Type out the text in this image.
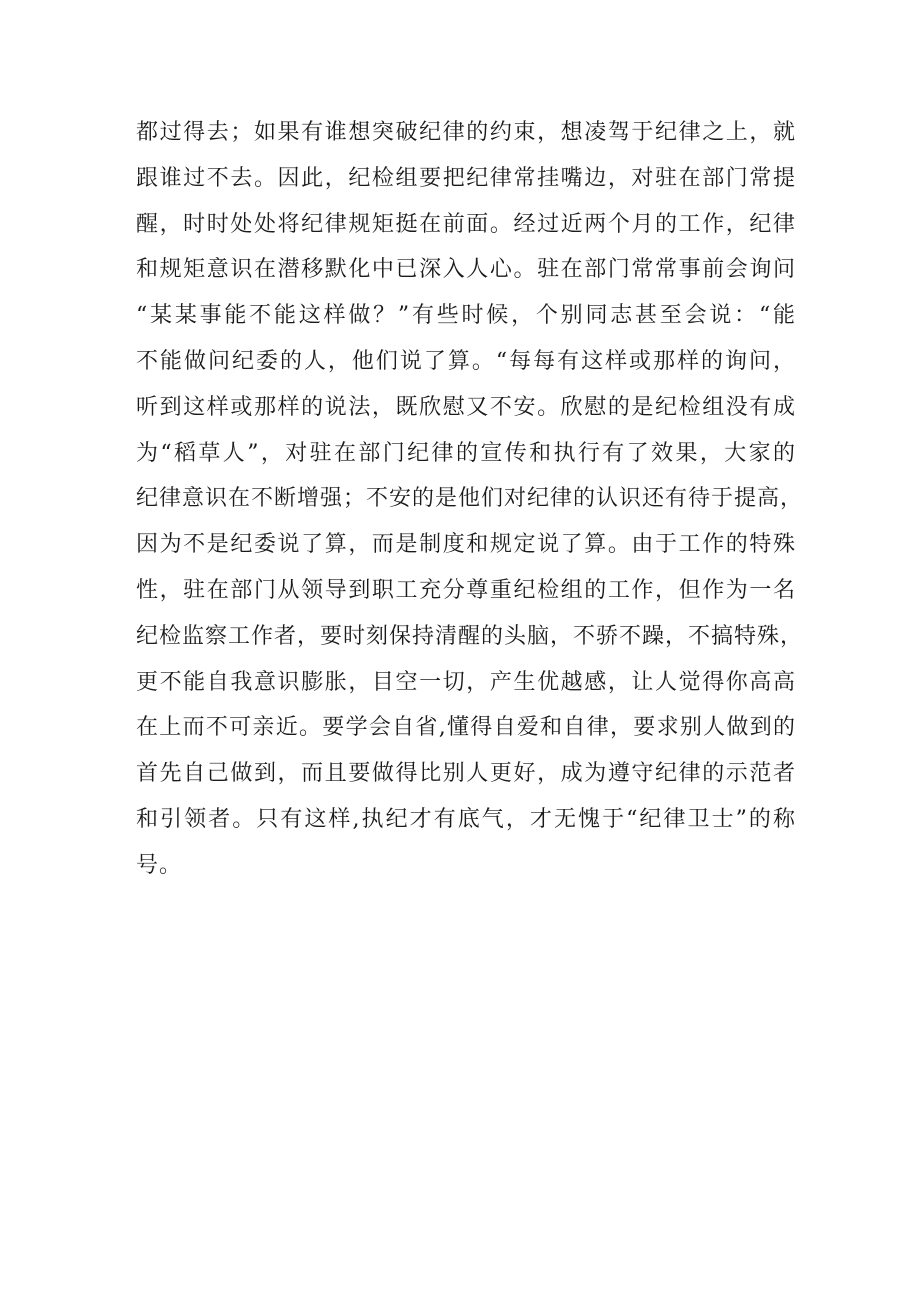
都过得去；如果有谁想突破纪律的约束，想凌驾于纪律之上，就
跟谁过不去。因此，纪检组要把纪律常挂嘴边，对驻在部门常提
醒，时时处处将纪律规矩挺在前面。经过近两个月的工作，纪律
和规矩意识在潜移默化中已深入人心。驻在部门常常事前会询问
“某某事能不能这样做？”有些时候，个别同志甚至会说：“能
不能做问纪委的人，他们说了算。“每每有这样或那样的询问，
听到这样或那样的说法，既欣慰又不安。欣慰的是纪检组没有成
为“稻草人”，对驻在部门纪律的宣传和执行有了效果，大家的
纪律意识在不断增强；不安的是他们对纪律的认识还有待于提高，
因为不是纪委说了算，而是制度和规定说了算。由于工作的特殊
性，驻在部门从领导到职工充分尊重纪检组的工作，但作为一名
纪检监察工作者，要时刻保持清醒的头脑，不骄不躁，不搞特殊，
更不能自我意识膨胀，目空一切，产生优越感，让人觉得你高高
在上而不可亲近。要学会自省,懂得自爱和自律，要求别人做到的
首先自己做到，而且要做得比别人更好，成为遵守纪律的示范者
和引领者。只有这样,执纪才有底气，才无愧于“纪律卫士”的称
号。
